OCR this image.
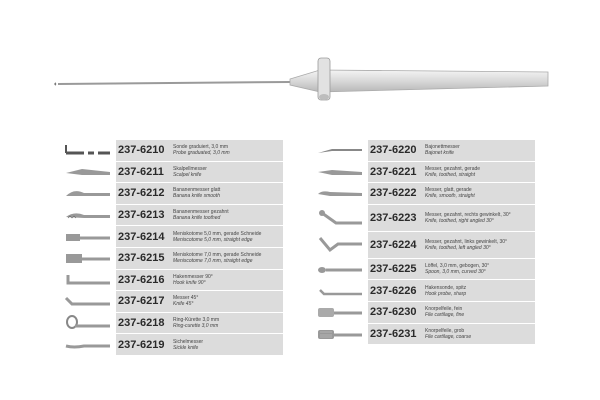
237-6210	Sonde graduiert, 3,0 mm
Probe graduated, 3,0 mm
237-6211	Skalpellmesser
Scalpel knife
237-6212	Bananenmesser glatt
Banana knife smooth
237-6213	Bananenmesser gezahnt
Banana knife toothed
237-6214	Meniskotome 5,0 mm, gerade Schneide
Meniscotome 5,0 mm, straight edge
237-6215	Meniskotome 7,0 mm, gerade Schneide
Meniscotome 7,0 mm, straight edge
237-6216	Hakenmesser 90°
Hook knife 90°
237-6217	Messer 45°
Knife 45°
237-6218	Ring-Kürette 3,0 mm
Ring-curette 3,0 mm
237-6219	Sichelmesser
Sickle knife
237-6220	Bajonettmesser
Bajonet knife
237-6221	Messer, gezahnt, gerade
Knife, toothed, straight
237-6222	Messer, glatt, gerade
Knife, smooth, straight
237-6223	Messer, gezahnt, rechts gewinkelt, 30°
Knife, toothed, right angled 30°
237-6224	Messer, gezahnt, links gewinkelt, 30°
Knife, toothed, left angled 30°
237-6225	Löffel, 3,0 mm, gebogen, 30°
Spoon, 3,0 mm, curved 30°
237-6226	Hakensonde, spitz
Hook probe, sharp
237-6230	Knorpelfeile, fein
File cartilage, fine
237-6231	Knorpelfeile, grob
File cartilage, coarse
